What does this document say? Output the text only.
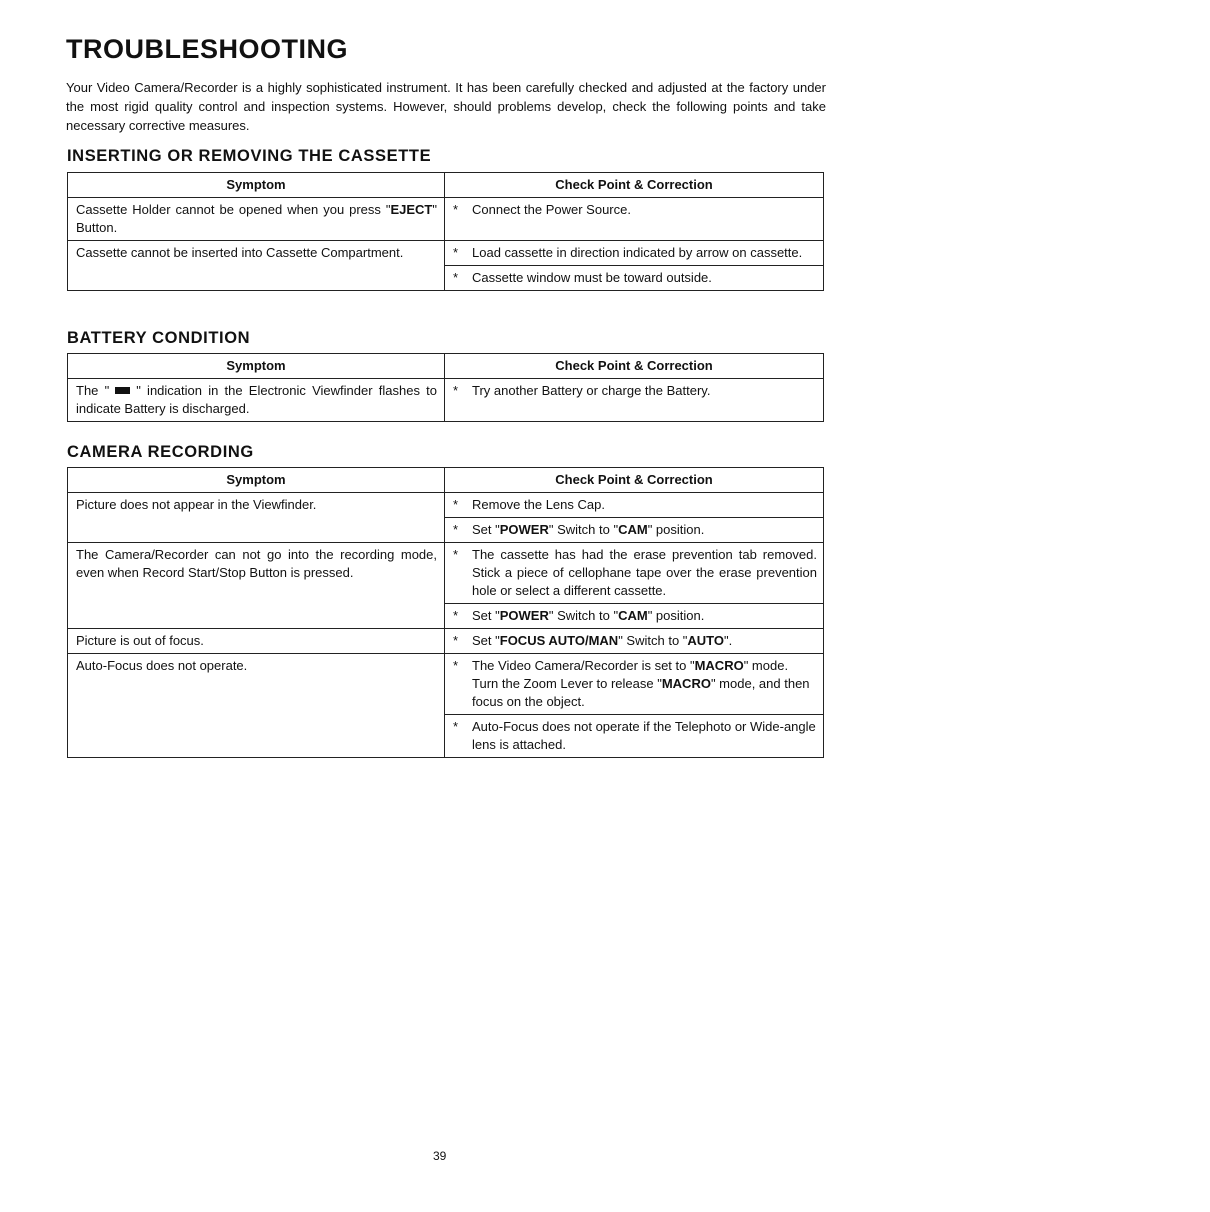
TROUBLESHOOTING

Your Video Camera/Recorder is a highly sophisticated instrument. It has been carefully checked and adjusted at the factory under the most rigid quality control and inspection systems. However, should problems develop, check the following points and take necessary corrective measures.

INSERTING OR REMOVING THE CASSETTE
Symptom	Check Point & Correction
Cassette Holder cannot be opened when you press "EJECT" Button.	* Connect the Power Source.

Cassette cannot be inserted into Cassette Compartment.	* Load cassette in direction indicated by arrow on cassette.

	* Cassette window must be toward outside.
BATTERY CONDITION
Symptom	Check Point & Correction
The " " indication in the Electronic Viewfinder flashes to indicate Battery is discharged.	* Try another Battery or charge the Battery.
CAMERA RECORDING
Symptom	Check Point & Correction
Picture does not appear in the Viewfinder.	* Remove the Lens Cap.

	* Set "POWER" Switch to "CAM" position.

The Camera/Recorder can not go into the recording mode, even when Record Start/Stop Button is pressed.	* The cassette has had the erase prevention tab removed. Stick a piece of cellophane tape over the erase prevention hole or select a different cassette.

	* Set "POWER" Switch to "CAM" position.

Picture is out of focus.	* Set "FOCUS AUTO/MAN" Switch to "AUTO".

Auto-Focus does not operate.	* The Video Camera/Recorder is set to "MACRO" mode.
Turn the Zoom Lever to release "MACRO" mode, and then focus on the object.

	* Auto-Focus does not operate if the Telephoto or Wide-angle lens is attached.
39
